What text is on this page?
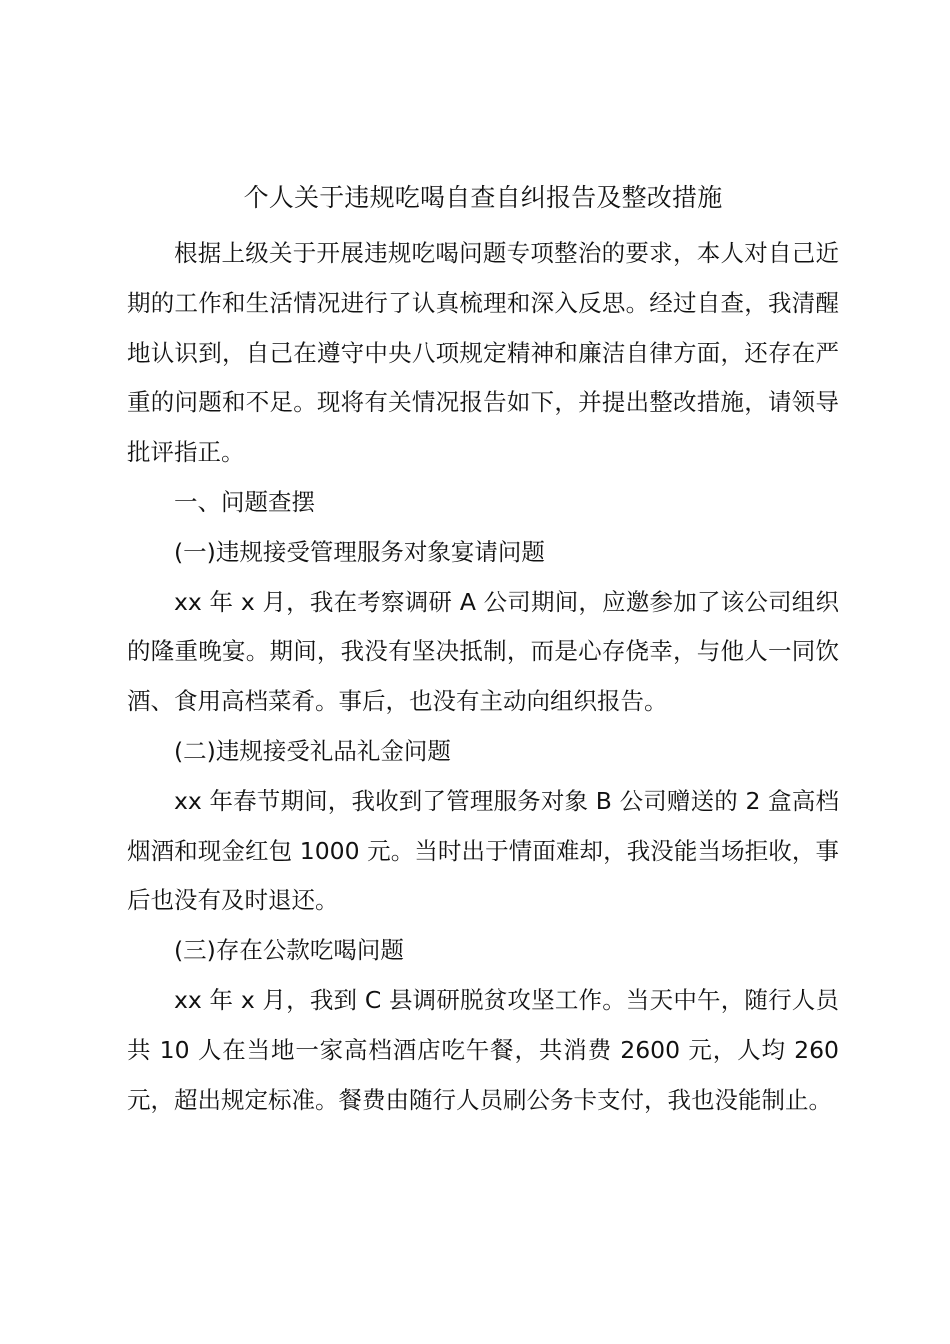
个人关于违规吃喝自查自纠报告及整改措施

根据上级关于开展违规吃喝问题专项整治的要求，本人对自己近期的工作和生活情况进行了认真梳理和深入反思。经过自查，我清醒地认识到，自己在遵守中央八项规定精神和廉洁自律方面，还存在严重的问题和不足。现将有关情况报告如下，并提出整改措施，请领导批评指正。

一、问题查摆

(一)违规接受管理服务对象宴请问题

xx 年 x 月，我在考察调研 A 公司期间，应邀参加了该公司组织的隆重晚宴。期间，我没有坚决抵制，而是心存侥幸，与他人一同饮酒、食用高档菜肴。事后，也没有主动向组织报告。

(二)违规接受礼品礼金问题

xx 年春节期间，我收到了管理服务对象 B 公司赠送的 2 盒高档烟酒和现金红包 1000 元。当时出于情面难却，我没能当场拒收，事后也没有及时退还。

(三)存在公款吃喝问题

xx 年 x 月，我到 C 县调研脱贫攻坚工作。当天中午，随行人员共 10 人在当地一家高档酒店吃午餐，共消费 2600 元，人均 260 元，超出规定标准。餐费由随行人员刷公务卡支付，我也没能制止。
